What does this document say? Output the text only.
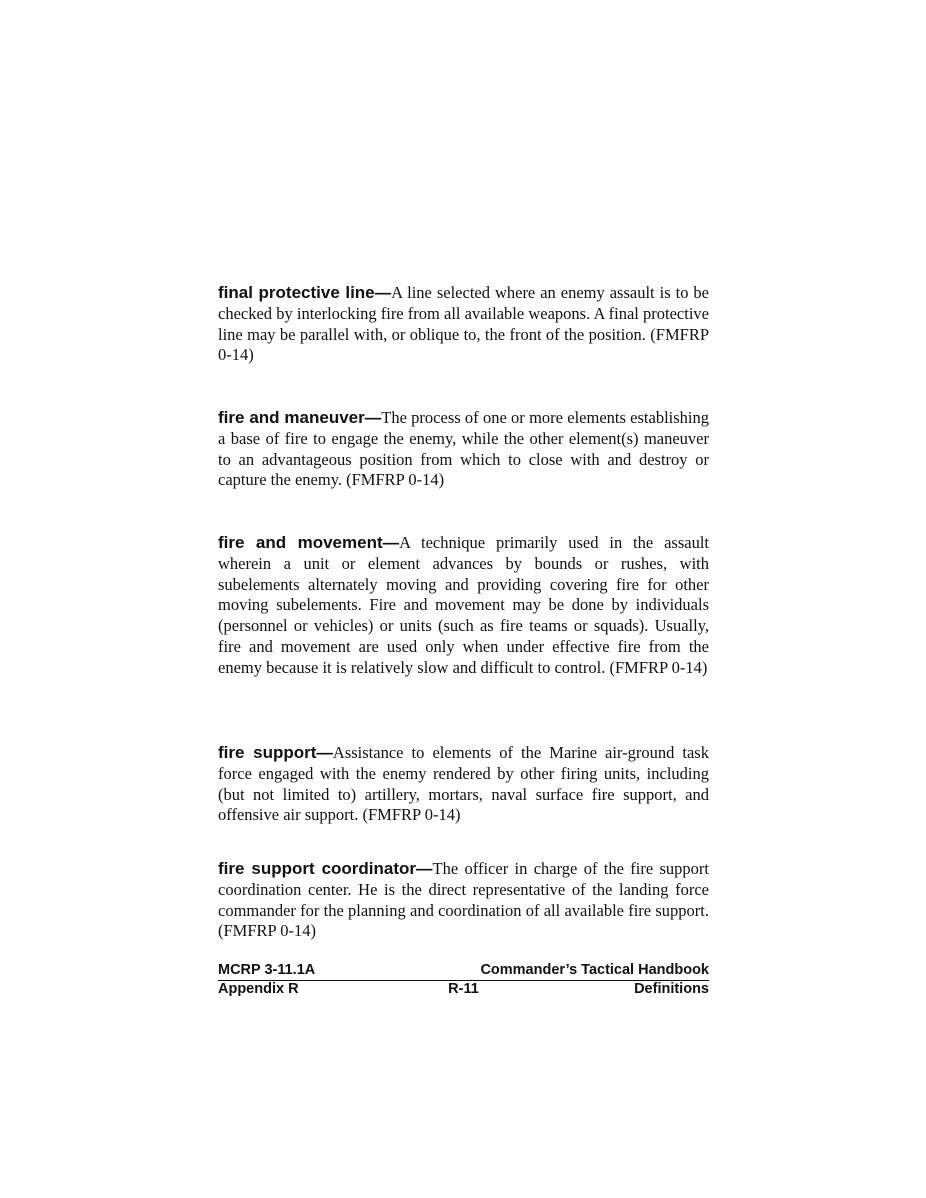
final protective line—A line selected where an enemy assault is to be checked by interlocking fire from all available weapons. A final protective line may be parallel with, or oblique to, the front of the position. (FMFRP 0-14)

fire and maneuver—The process of one or more elements establishing a base of fire to engage the enemy, while the other element(s) maneuver to an advantageous position from which to close with and destroy or capture the enemy. (FMFRP 0-14)

fire and movement—A technique primarily used in the assault wherein a unit or element advances by bounds or rushes, with subelements alternately moving and providing covering fire for other moving subelements. Fire and movement may be done by individuals (personnel or vehicles) or units (such as fire teams or squads). Usually, fire and movement are used only when under effective fire from the enemy because it is relatively slow and difficult to control. (FMFRP 0-14)

fire support—Assistance to elements of the Marine air-ground task force engaged with the enemy rendered by other firing units, including (but not limited to) artillery, mortars, naval surface fire support, and offensive air support. (FMFRP 0-14)

fire support coordinator—The officer in charge of the fire support coordination center. He is the direct representative of the landing force commander for the planning and coordination of all available fire support. (FMFRP 0-14)

MCRP 3-11.1A	Commander’s Tactical Handbook
Appendix R	R-11	Definitions
